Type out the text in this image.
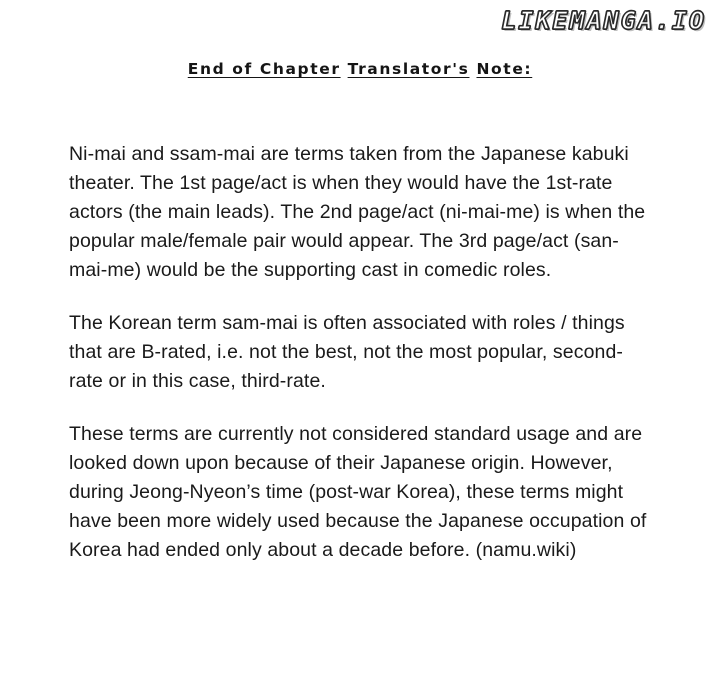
LIKEMANGA.IO
End of Chapter Translator's Note:

Ni-mai and ssam-mai are terms taken from the Japanese kabuki theater. The 1st page/act is when they would have the 1st-rate actors (the main leads). The 2nd page/act (ni-mai-me) is when the popular male/female pair would appear. The 3rd page/act (san-mai-me) would be the supporting cast in comedic roles.

The Korean term sam-mai is often associated with roles / things that are B-rated, i.e. not the best, not the most popular, second-rate or in this case, third-rate.

These terms are currently not considered standard usage and are looked down upon because of their Japanese origin. However, during Jeong-Nyeon’s time (post-war Korea), these terms might have been more widely used because the Japanese occupation of Korea had ended only about a decade before. (namu.wiki)
